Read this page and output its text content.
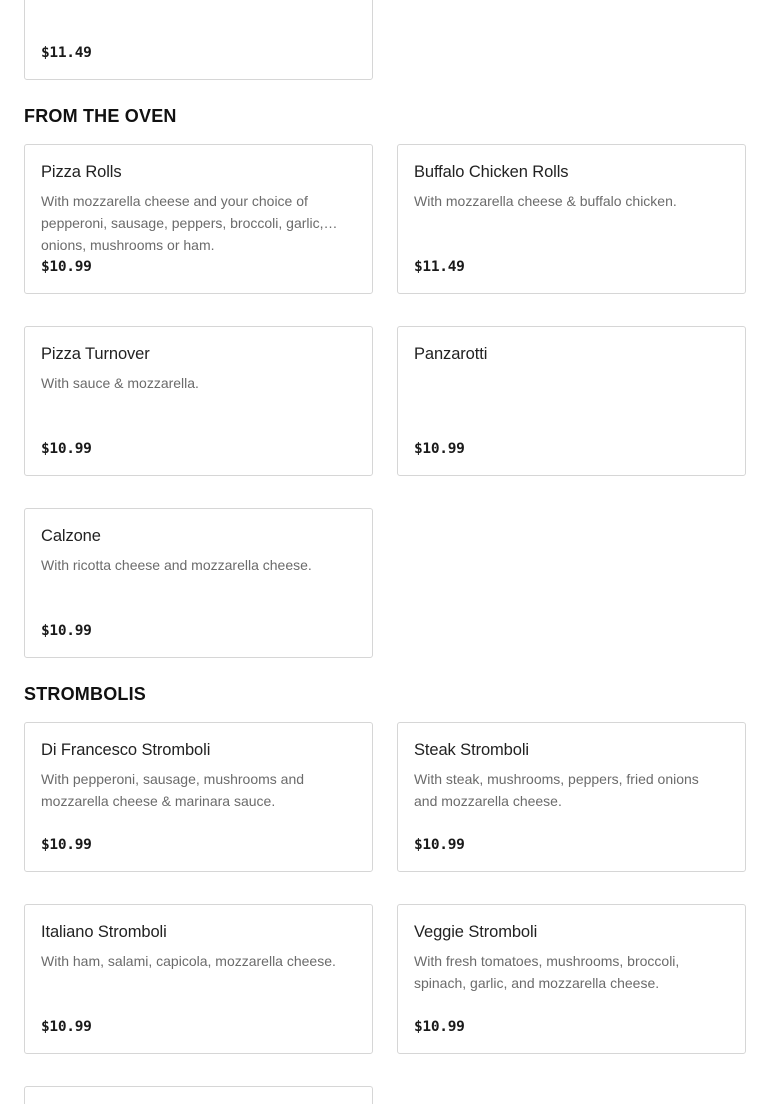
$11.49
FROM THE OVEN
Pizza Rolls
With mozzarella cheese and your choice of pepperoni, sausage, peppers, broccoli, garlic, onions, mushrooms or ham.
$10.99
Buffalo Chicken Rolls
With mozzarella cheese & buffalo chicken.
$11.49
Pizza Turnover
With sauce & mozzarella.
$10.99
Panzarotti
$10.99
Calzone
With ricotta cheese and mozzarella cheese.
$10.99
STROMBOLIS
Di Francesco Stromboli
With pepperoni, sausage, mushrooms and mozzarella cheese & marinara sauce.
$10.99
Steak Stromboli
With steak, mushrooms, peppers, fried onions and mozzarella cheese.
$10.99
Italiano Stromboli
With ham, salami, capicola, mozzarella cheese.
$10.99
Veggie Stromboli
With fresh tomatoes, mushrooms, broccoli, spinach, garlic, and mozzarella cheese.
$10.99
